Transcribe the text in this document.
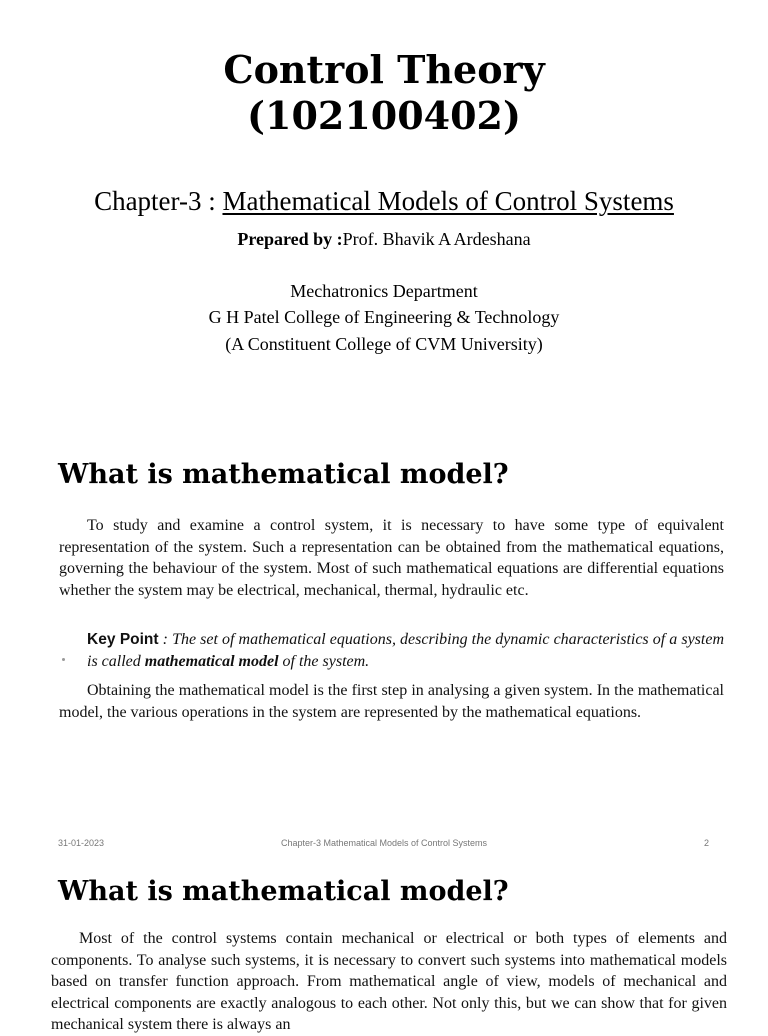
Control Theory
(102100402)
Chapter-3 : Mathematical Models of Control Systems
Prepared by :Prof. Bhavik A Ardeshana
Mechatronics Department
G H Patel College of Engineering & Technology
(A Constituent College of CVM University)
What is mathematical model?
To study and examine a control system, it is necessary to have some type of equivalent representation of the system. Such a representation can be obtained from the mathematical equations, governing the behaviour of the system. Most of such mathematical equations are differential equations whether the system may be electrical, mechanical, thermal, hydraulic etc.
Key Point : The set of mathematical equations, describing the dynamic characteristics of a system is called mathematical model of the system.
Obtaining the mathematical model is the first step in analysing a given system. In the mathematical model, the various operations in the system are represented by the mathematical equations.
31-01-2023	Chapter-3 Mathematical Models of Control Systems	2
What is mathematical model?
Most of the control systems contain mechanical or electrical or both types of elements and components. To analyse such systems, it is necessary to convert such systems into mathematical models based on transfer function approach. From mathematical angle of view, models of mechanical and electrical components are exactly analogous to each other. Not only this, but we can show that for given mechanical system there is always an
